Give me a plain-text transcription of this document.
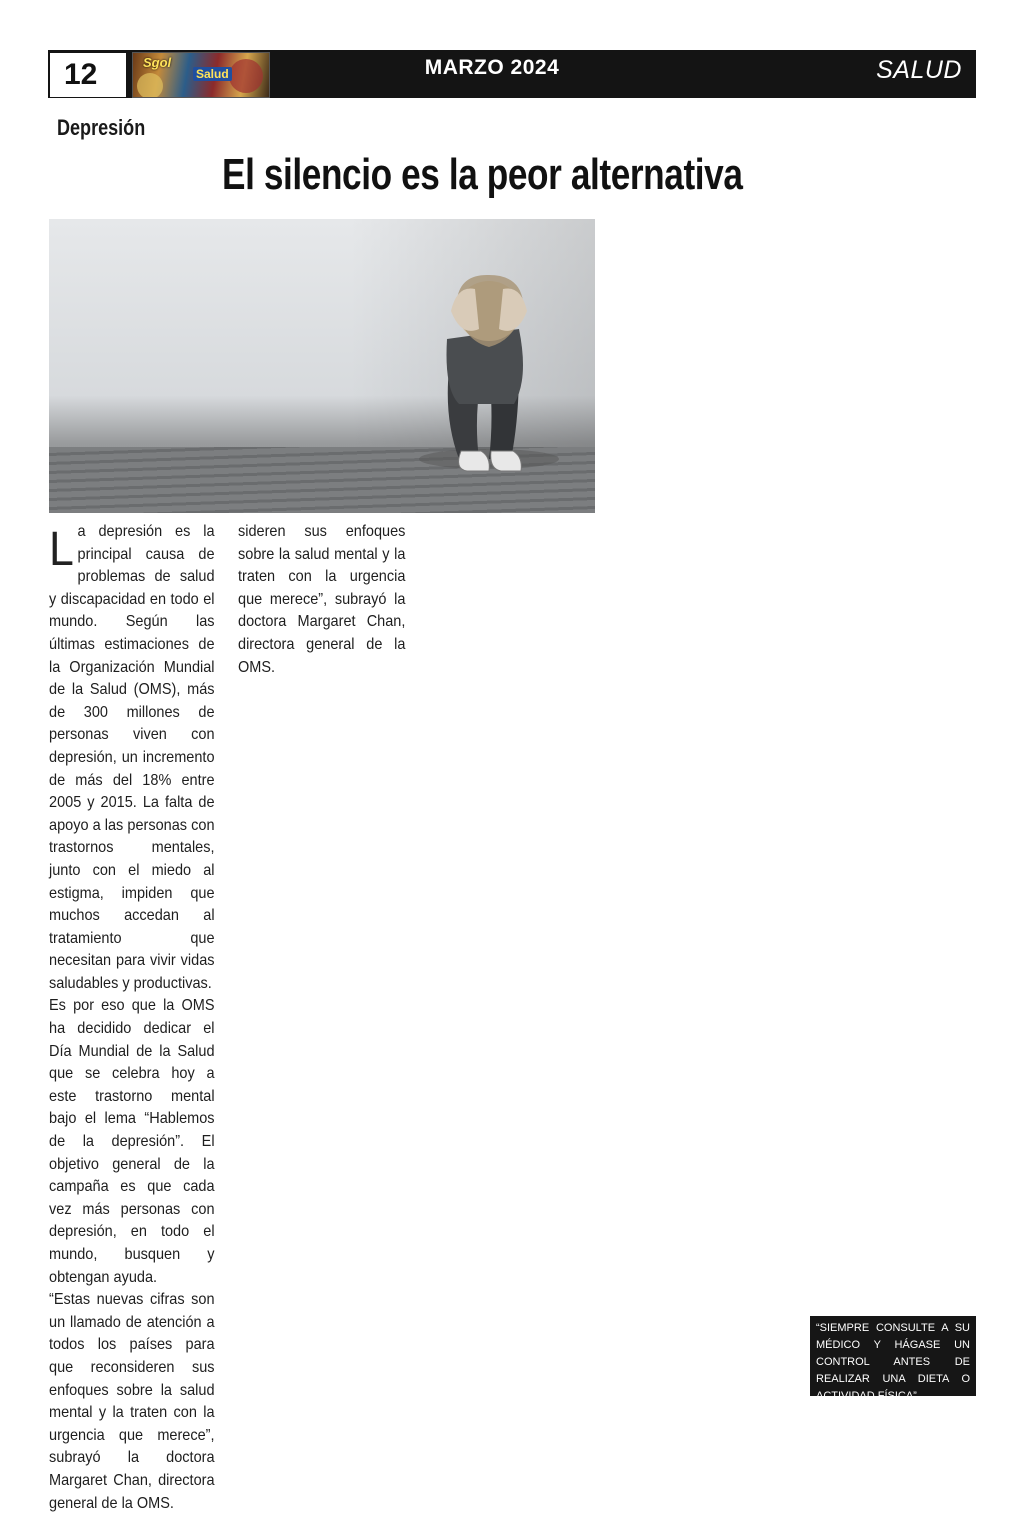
12	Sgol
Salud	MARZO 2024	SALUD
Depresión
El silencio es la peor alternativa

La depresión es la principal causa de problemas de salud y discapacidad en todo el mundo. Según las últimas estimaciones de la Organización Mundial de la Salud (OMS), más de 300 millones de personas viven con depresión, un incremento de más del 18% entre 2005 y 2015. La falta de apoyo a las personas con trastornos mentales, junto con el miedo al estigma, impiden que muchos accedan al tratamiento que necesitan para vivir vidas saludables y productivas.

Es por eso que la OMS ha decidido dedicar el Día Mundial de la Salud que se celebra hoy a este trastorno mental bajo el lema “Hablemos de la depresión”. El objetivo general de la campaña es que cada vez más personas con depresión, en todo el mundo, busquen y obtengan ayuda.

“Estas nuevas cifras son un llamado de atención a todos los países para que reconsideren sus enfoques sobre la salud mental y la traten con la urgencia que merece”, subrayó la doctora Margaret Chan, directora general de la OMS.

sideren sus enfoques sobre la salud mental y la traten con la urgencia que merece”, subrayó la doctora Margaret Chan, directora general de la OMS.

“SIEMPRE CONSULTE A SU MÉDICO Y HÁGASE UN CONTROL ANTES DE REALIZAR UNA DIETA O ACTIVIDAD FÍSICA”
